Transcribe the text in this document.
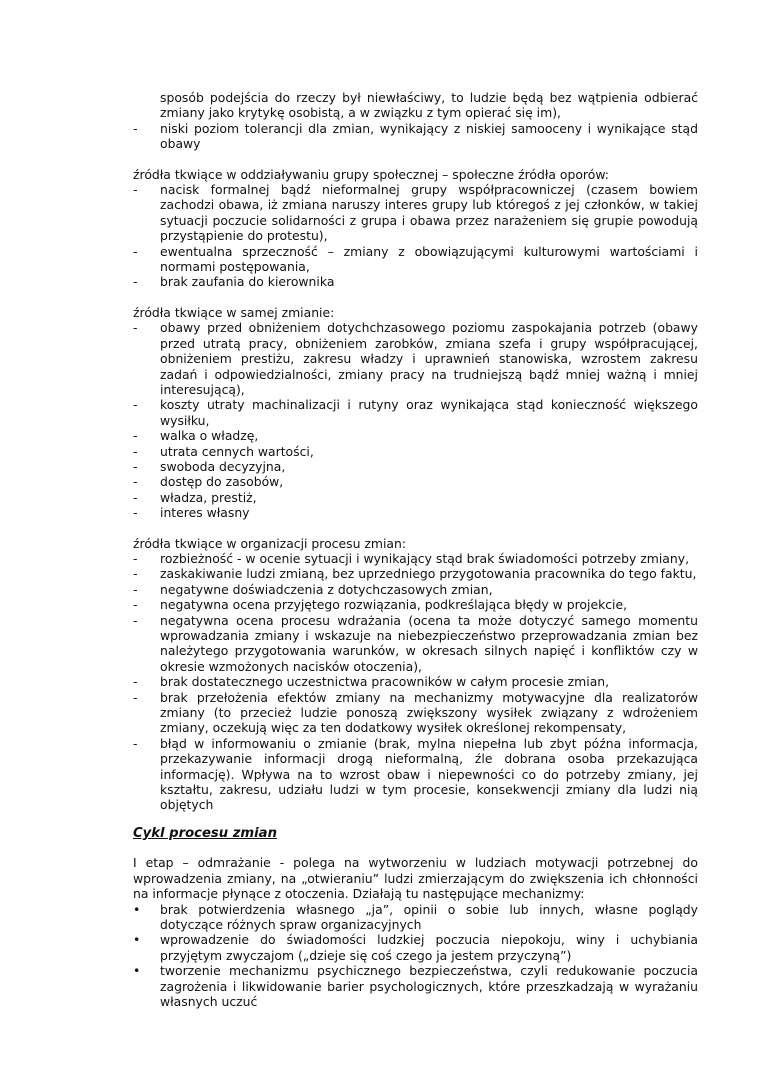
sposób podejścia do rzeczy był niewłaściwy, to ludzie będą bez wątpienia odbierać zmiany jako krytykę osobistą, a w związku z tym opierać się im),

-	niski poziom tolerancji dla zmian, wynikający z niskiej samooceny i wynikające stąd obawy

źródła tkwiące w oddziaływaniu grupy społecznej – społeczne źródła oporów:

-	nacisk formalnej bądź nieformalnej grupy współpracowniczej (czasem bowiem zachodzi obawa, iż zmiana naruszy interes grupy lub któregoś z jej członków, w takiej sytuacji poczucie solidarności z grupa i obawa przez narażeniem się grupie powodują przystąpienie do protestu),
-	ewentualna sprzeczność – zmiany z obowiązującymi kulturowymi wartościami i normami postępowania,
-	brak zaufania do kierownika

źródła tkwiące w samej zmianie:

-	obawy przed obniżeniem dotychchzasowego poziomu zaspokajania potrzeb (obawy przed utratą pracy, obniżeniem zarobków, zmiana szefa i grupy współpracującej, obniżeniem prestiżu, zakresu władzy i uprawnień stanowiska, wzrostem zakresu zadań i odpowiedzialności, zmiany pracy na trudniejszą bądź mniej ważną i mniej interesującą),
-	koszty utraty machinalizacji i rutyny oraz wynikająca stąd konieczność większego wysiłku,
-	walka o władzę,
-	utrata cennych wartości,
-	swoboda decyzyjna,
-	dostęp do zasobów,
-	władza, prestiż,
-	interes własny

źródła tkwiące w organizacji procesu zmian:

-	rozbieżność - w ocenie sytuacji i wynikający stąd brak świadomości potrzeby zmiany,
-	zaskakiwanie ludzi zmianą, bez uprzedniego przygotowania pracownika do tego faktu,
-	negatywne doświadczenia z dotychczasowych zmian,
-	negatywna ocena przyjętego rozwiązania, podkreślająca błędy w projekcie,
-	negatywna ocena procesu wdrażania (ocena ta może dotyczyć samego momentu wprowadzania zmiany i wskazuje na niebezpieczeństwo przeprowadzania zmian bez należytego przygotowania warunków, w okresach silnych napięć i konfliktów czy w okresie wzmożonych nacisków otoczenia),
-	brak dostatecznego uczestnictwa pracowników w całym procesie zmian,
-	brak przełożenia efektów zmiany na mechanizmy motywacyjne dla realizatorów zmiany (to przecież ludzie ponoszą zwiększony wysiłek związany z wdrożeniem zmiany, oczekują więc za ten dodatkowy wysiłek określonej rekompensaty,
-	błąd w informowaniu o zmianie (brak, mylna niepełna lub zbyt późna informacja, przekazywanie informacji drogą nieformalną, źle dobrana osoba przekazująca informację). Wpływa na to wzrost obaw i niepewności co do potrzeby zmiany, jej kształtu, zakresu, udziału ludzi w tym procesie, konsekwencji zmiany dla ludzi nią objętych

Cykl procesu zmian

I etap – odmrażanie - polega na wytworzeniu w ludziach motywacji potrzebnej do wprowadzenia zmiany, na „otwieraniu” ludzi zmierzającym do zwiększenia ich chłonności na informacje płynące z otoczenia. Działają tu następujące mechanizmy:

•	brak potwierdzenia własnego „ja”, opinii o sobie lub innych, własne poglądy dotyczące różnych spraw organizacyjnych
•	wprowadzenie do świadomości ludzkiej poczucia niepokoju, winy i uchybiania przyjętym zwyczajom („dzieje się coś czego ja jestem przyczyną”)
•	tworzenie mechanizmu psychicznego bezpieczeństwa, czyli redukowanie poczucia zagrożenia i likwidowanie barier psychologicznych, które przeszkadzają w wyrażaniu własnych uczuć
